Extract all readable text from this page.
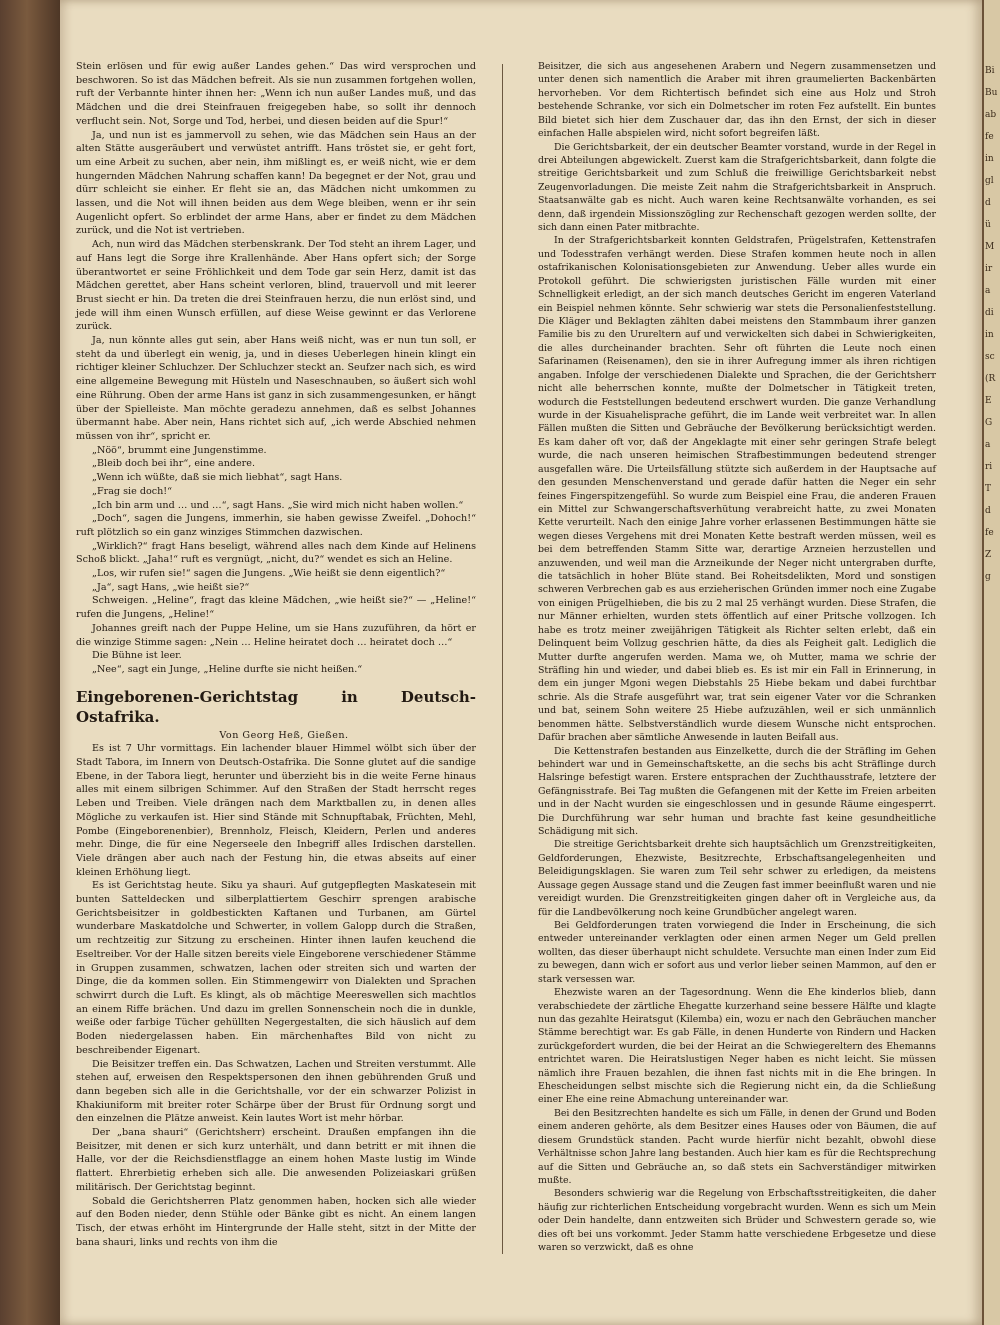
Stein erlösen und für ewig außer Landes gehen.“ Das wird versprochen und beschworen. So ist das Mädchen befreit. Als sie nun zusammen fortgehen wollen, ruft der Verbannte hinter ihnen her: „Wenn ich nun außer Landes muß, und das Mädchen und die drei Steinfrauen freigegeben habe, so sollt ihr dennoch verflucht sein. Not, Sorge und Tod, herbei, und diesen beiden auf die Spur!“

Ja, und nun ist es jammervoll zu sehen, wie das Mädchen sein Haus an der alten Stätte ausgeräubert und verwüstet antrifft. Hans tröstet sie, er geht fort, um eine Arbeit zu suchen, aber nein, ihm mißlingt es, er weiß nicht, wie er dem hungernden Mädchen Nahrung schaffen kann! Da begegnet er der Not, grau und dürr schleicht sie einher. Er fleht sie an, das Mädchen nicht umkommen zu lassen, und die Not will ihnen beiden aus dem Wege bleiben, wenn er ihr sein Augenlicht opfert. So erblindet der arme Hans, aber er findet zu dem Mädchen zurück, und die Not ist vertrieben.

Ach, nun wird das Mädchen sterbenskrank. Der Tod steht an ihrem Lager, und auf Hans legt die Sorge ihre Krallenhände. Aber Hans opfert sich; der Sorge überantwortet er seine Fröhlichkeit und dem Tode gar sein Herz, damit ist das Mädchen gerettet, aber Hans scheint verloren, blind, trauervoll und mit leerer Brust siecht er hin. Da treten die drei Steinfrauen herzu, die nun erlöst sind, und jede will ihm einen Wunsch erfüllen, auf diese Weise gewinnt er das Verlorene zurück.

Ja, nun könnte alles gut sein, aber Hans weiß nicht, was er nun tun soll, er steht da und überlegt ein wenig, ja, und in dieses Ueberlegen hinein klingt ein richtiger kleiner Schluchzer. Der Schluchzer steckt an. Seufzer nach sich, es wird eine allgemeine Bewegung mit Hüsteln und Naseschnauben, so äußert sich wohl eine Rührung. Oben der arme Hans ist ganz in sich zusammengesunken, er hängt über der Spielleiste. Man möchte geradezu annehmen, daß es selbst Johannes übermannt habe. Aber nein, Hans richtet sich auf, „ich werde Abschied nehmen müssen von ihr“, spricht er.

„Nöö“, brummt eine Jungenstimme.

„Bleib doch bei ihr“, eine andere.

„Wenn ich wüßte, daß sie mich liebhat“, sagt Hans.

„Frag sie doch!“

„Ich bin arm und … und …“, sagt Hans. „Sie wird mich nicht haben wollen.“

„Doch“, sagen die Jungens, immerhin, sie haben gewisse Zweifel. „Dohoch!“ ruft plötzlich so ein ganz winziges Stimmchen dazwischen.

„Wirklich?“ fragt Hans beseligt, während alles nach dem Kinde auf Helinens Schoß blickt. „Jaha!“ ruft es vergnügt, „nicht, du?“ wendet es sich an Heline.

„Los, wir rufen sie!“ sagen die Jungens. „Wie heißt sie denn eigentlich?“

„Ja“, sagt Hans, „wie heißt sie?“

Schweigen. „Heline“, fragt das kleine Mädchen, „wie heißt sie?“ — „Heline!“ rufen die Jungens, „Heline!“

Johannes greift nach der Puppe Heline, um sie Hans zuzuführen, da hört er die winzige Stimme sagen: „Nein … Heline heiratet doch … heiratet doch …“

Die Bühne ist leer.

„Nee“, sagt ein Junge, „Heline durfte sie nicht heißen.“

Eingeborenen-Gerichtstag in Deutsch-Ostafrika.

Von Georg Heß, Gießen.

Es ist 7 Uhr vormittags. Ein lachender blauer Himmel wölbt sich über der Stadt Tabora, im Innern von Deutsch-Ostafrika. Die Sonne glutet auf die sandige Ebene, in der Tabora liegt, herunter und überzieht bis in die weite Ferne hinaus alles mit einem silbrigen Schimmer. Auf den Straßen der Stadt herrscht reges Leben und Treiben. Viele drängen nach dem Marktballen zu, in denen alles Mögliche zu verkaufen ist. Hier sind Stände mit Schnupftabak, Früchten, Mehl, Pombe (Eingeborenenbier), Brennholz, Fleisch, Kleidern, Perlen und anderes mehr. Dinge, die für eine Negerseele den Inbegriff alles Irdischen darstellen. Viele drängen aber auch nach der Festung hin, die etwas abseits auf einer kleinen Erhöhung liegt.

Es ist Gerichtstag heute. Siku ya shauri. Auf gutgepflegten Maskatesein mit bunten Satteldecken und silberplattiertem Geschirr sprengen arabische Gerichtsbeisitzer in goldbestickten Kaftanen und Turbanen, am Gürtel wunderbare Maskatdolche und Schwerter, in vollem Galopp durch die Straßen, um rechtzeitig zur Sitzung zu erscheinen. Hinter ihnen laufen keuchend die Eseltreiber. Vor der Halle sitzen bereits viele Eingeborene verschiedener Stämme in Gruppen zusammen, schwatzen, lachen oder streiten sich und warten der Dinge, die da kommen sollen. Ein Stimmengewirr von Dialekten und Sprachen schwirrt durch die Luft. Es klingt, als ob mächtige Meereswellen sich machtlos an einem Riffe brächen. Und dazu im grellen Sonnenschein noch die in dunkle, weiße oder farbige Tücher gehüllten Negergestalten, die sich häuslich auf dem Boden niedergelassen haben. Ein märchenhaftes Bild von nicht zu beschreibender Eigenart.

Die Beisitzer treffen ein. Das Schwatzen, Lachen und Streiten verstummt. Alle stehen auf, erweisen den Respektspersonen den ihnen gebührenden Gruß und dann begeben sich alle in die Gerichtshalle, vor der ein schwarzer Polizist in Khakiuniform mit breiter roter Schärpe über der Brust für Ordnung sorgt und den einzelnen die Plätze anweist. Kein lautes Wort ist mehr hörbar.

Der „bana shauri“ (Gerichtsherr) erscheint. Draußen empfangen ihn die Beisitzer, mit denen er sich kurz unterhält, und dann betritt er mit ihnen die Halle, vor der die Reichsdienstflagge an einem hohen Maste lustig im Winde flattert. Ehrerbietig erheben sich alle. Die anwesenden Polizeiaskari grüßen militärisch. Der Gerichtstag beginnt.

Sobald die Gerichtsherren Platz genommen haben, hocken sich alle wieder auf den Boden nieder, denn Stühle oder Bänke gibt es nicht. An einem langen Tisch, der etwas erhöht im Hintergrunde der Halle steht, sitzt in der Mitte der bana shauri, links und rechts von ihm die

Beisitzer, die sich aus angesehenen Arabern und Negern zusammensetzen und unter denen sich namentlich die Araber mit ihren graumelierten Backenbärten hervorheben. Vor dem Richtertisch befindet sich eine aus Holz und Stroh bestehende Schranke, vor sich ein Dolmetscher im roten Fez aufstellt. Ein buntes Bild bietet sich hier dem Zuschauer dar, das ihn den Ernst, der sich in dieser einfachen Halle abspielen wird, nicht sofort begreifen läßt.

Die Gerichtsbarkeit, der ein deutscher Beamter vorstand, wurde in der Regel in drei Abteilungen abgewickelt. Zuerst kam die Strafgerichtsbarkeit, dann folgte die streitige Gerichtsbarkeit und zum Schluß die freiwillige Gerichtsbarkeit nebst Zeugenvorladungen. Die meiste Zeit nahm die Strafgerichtsbarkeit in Anspruch. Staatsanwälte gab es nicht. Auch waren keine Rechtsanwälte vorhanden, es sei denn, daß irgendein Missionszögling zur Rechenschaft gezogen werden sollte, der sich dann einen Pater mitbrachte.

In der Strafgerichtsbarkeit konnten Geldstrafen, Prügelstrafen, Kettenstrafen und Todesstrafen verhängt werden. Diese Strafen kommen heute noch in allen ostafrikanischen Kolonisationsgebieten zur Anwendung. Ueber alles wurde ein Protokoll geführt. Die schwierigsten juristischen Fälle wurden mit einer Schnelligkeit erledigt, an der sich manch deutsches Gericht im engeren Vaterland ein Beispiel nehmen könnte. Sehr schwierig war stets die Personalienfeststellung. Die Kläger und Beklagten zählten dabei meistens den Stammbaum ihrer ganzen Familie bis zu den Urureltern auf und verwickelten sich dabei in Schwierigkeiten, die alles durcheinander brachten. Sehr oft führten die Leute noch einen Safarinamen (Reisenamen), den sie in ihrer Aufregung immer als ihren richtigen angaben. Infolge der verschiedenen Dialekte und Sprachen, die der Gerichtsherr nicht alle beherrschen konnte, mußte der Dolmetscher in Tätigkeit treten, wodurch die Feststellungen bedeutend erschwert wurden. Die ganze Verhandlung wurde in der Kisuahelisprache geführt, die im Lande weit verbreitet war. In allen Fällen mußten die Sitten und Gebräuche der Bevölkerung berücksichtigt werden. Es kam daher oft vor, daß der Angeklagte mit einer sehr geringen Strafe belegt wurde, die nach unseren heimischen Strafbestimmungen bedeutend strenger ausgefallen wäre. Die Urteilsfällung stützte sich außerdem in der Hauptsache auf den gesunden Menschenverstand und gerade dafür hatten die Neger ein sehr feines Fingerspitzengefühl. So wurde zum Beispiel eine Frau, die anderen Frauen ein Mittel zur Schwangerschaftsverhütung verabreicht hatte, zu zwei Monaten Kette verurteilt. Nach den einige Jahre vorher erlassenen Bestimmungen hätte sie wegen dieses Vergehens mit drei Monaten Kette bestraft werden müssen, weil es bei dem betreffenden Stamm Sitte war, derartige Arzneien herzustellen und anzuwenden, und weil man die Arzneikunde der Neger nicht untergraben durfte, die tatsächlich in hoher Blüte stand. Bei Roheitsdelikten, Mord und sonstigen schweren Verbrechen gab es aus erzieherischen Gründen immer noch eine Zugabe von einigen Prügelhieben, die bis zu 2 mal 25 verhängt wurden. Diese Strafen, die nur Männer erhielten, wurden stets öffentlich auf einer Pritsche vollzogen. Ich habe es trotz meiner zweijährigen Tätigkeit als Richter selten erlebt, daß ein Delinquent beim Vollzug geschrien hätte, da dies als Feigheit galt. Lediglich die Mutter durfte angerufen werden. Mama we, oh Mutter, mama we schrie der Sträfling hin und wieder, und dabei blieb es. Es ist mir ein Fall in Erinnerung, in dem ein junger Mgoni wegen Diebstahls 25 Hiebe bekam und dabei furchtbar schrie. Als die Strafe ausgeführt war, trat sein eigener Vater vor die Schranken und bat, seinem Sohn weitere 25 Hiebe aufzuzählen, weil er sich unmännlich benommen hätte. Selbstverständlich wurde diesem Wunsche nicht entsprochen. Dafür brachen aber sämtliche Anwesende in lauten Beifall aus.

Die Kettenstrafen bestanden aus Einzelkette, durch die der Sträfling im Gehen behindert war und in Gemeinschaftskette, an die sechs bis acht Sträflinge durch Halsringe befestigt waren. Erstere entsprachen der Zuchthausstrafe, letztere der Gefängnisstrafe. Bei Tag mußten die Gefangenen mit der Kette im Freien arbeiten und in der Nacht wurden sie eingeschlossen und in gesunde Räume eingesperrt. Die Durchführung war sehr human und brachte fast keine gesundheitliche Schädigung mit sich.

Die streitige Gerichtsbarkeit drehte sich hauptsächlich um Grenzstreitigkeiten, Geldforderungen, Ehezwiste, Besitzrechte, Erbschaftsangelegenheiten und Beleidigungsklagen. Sie waren zum Teil sehr schwer zu erledigen, da meistens Aussage gegen Aussage stand und die Zeugen fast immer beeinflußt waren und nie vereidigt wurden. Die Grenzstreitigkeiten gingen daher oft in Vergleiche aus, da für die Landbevölkerung noch keine Grundbücher angelegt waren.

Bei Geldforderungen traten vorwiegend die Inder in Erscheinung, die sich entweder untereinander verklagten oder einen armen Neger um Geld prellen wollten, das dieser überhaupt nicht schuldete. Versuchte man einen Inder zum Eid zu bewegen, dann wich er sofort aus und verlor lieber seinen Mammon, auf den er stark versessen war.

Ehezwiste waren an der Tagesordnung. Wenn die Ehe kinderlos blieb, dann verabschiedete der zärtliche Ehegatte kurzerhand seine bessere Hälfte und klagte nun das gezahlte Heiratsgut (Kilemba) ein, wozu er nach den Gebräuchen mancher Stämme berechtigt war. Es gab Fälle, in denen Hunderte von Rindern und Hacken zurückgefordert wurden, die bei der Heirat an die Schwiegereltern des Ehemanns entrichtet waren. Die Heiratslustigen Neger haben es nicht leicht. Sie müssen nämlich ihre Frauen bezahlen, die ihnen fast nichts mit in die Ehe bringen. In Ehescheidungen selbst mischte sich die Regierung nicht ein, da die Schließung einer Ehe eine reine Abmachung untereinander war.

Bei den Besitzrechten handelte es sich um Fälle, in denen der Grund und Boden einem anderen gehörte, als dem Besitzer eines Hauses oder von Bäumen, die auf diesem Grundstück standen. Pacht wurde hierfür nicht bezahlt, obwohl diese Verhältnisse schon Jahre lang bestanden. Auch hier kam es für die Rechtsprechung auf die Sitten und Gebräuche an, so daß stets ein Sachverständiger mitwirken mußte.

Besonders schwierig war die Regelung von Erbschaftsstreitigkeiten, die daher häufig zur richterlichen Entscheidung vorgebracht wurden. Wenn es sich um Mein oder Dein handelte, dann entzweiten sich Brüder und Schwestern gerade so, wie dies oft bei uns vorkommt. Jeder Stamm hatte verschiedene Erbgesetze und diese waren so verzwickt, daß es ohne

Bi
Bu
ab
fe
in
gl
d
ü
M
ir
a
di
in
sc
(R
E
G
a
ri
T
d
fe
Z
g
